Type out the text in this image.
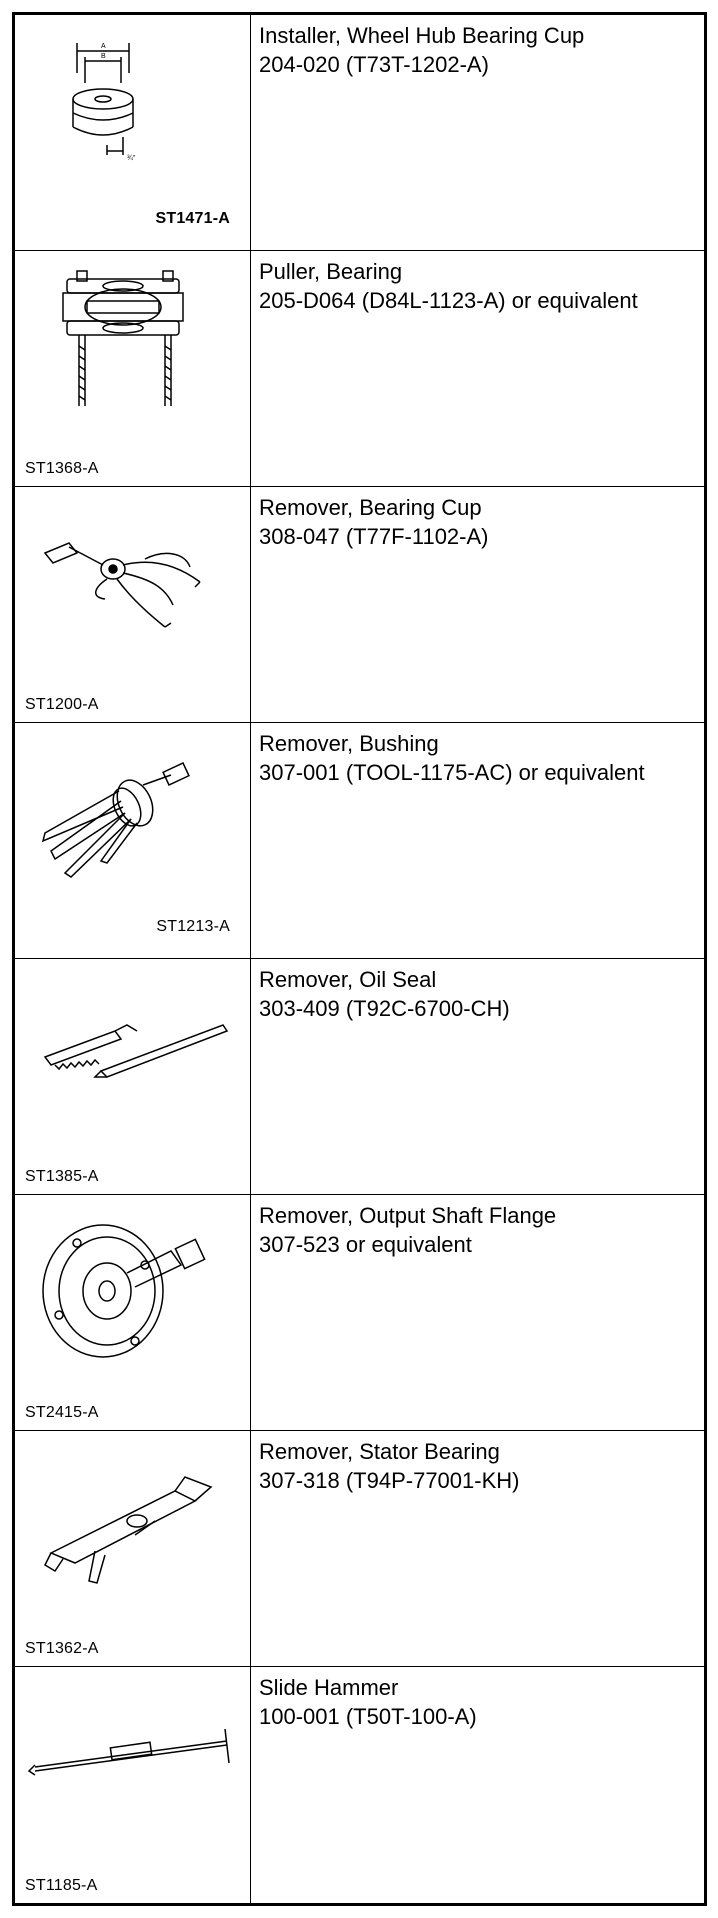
A
B
¾"
ST1471-A
Installer, Wheel Hub Bearing Cup
204-020 (T73T-1202-A)
ST1368-A
Puller, Bearing
205-D064 (D84L-1123-A) or equivalent
ST1200-A
Remover, Bearing Cup
308-047 (T77F-1102-A)
ST1213-A
Remover, Bushing
307-001 (TOOL-1175-AC) or equivalent
ST1385-A
Remover, Oil Seal
303-409 (T92C-6700-CH)
ST2415-A
Remover, Output Shaft Flange
307-523 or equivalent
ST1362-A
Remover, Stator Bearing
307-318 (T94P-77001-KH)
ST1185-A
Slide Hammer
100-001 (T50T-100-A)
